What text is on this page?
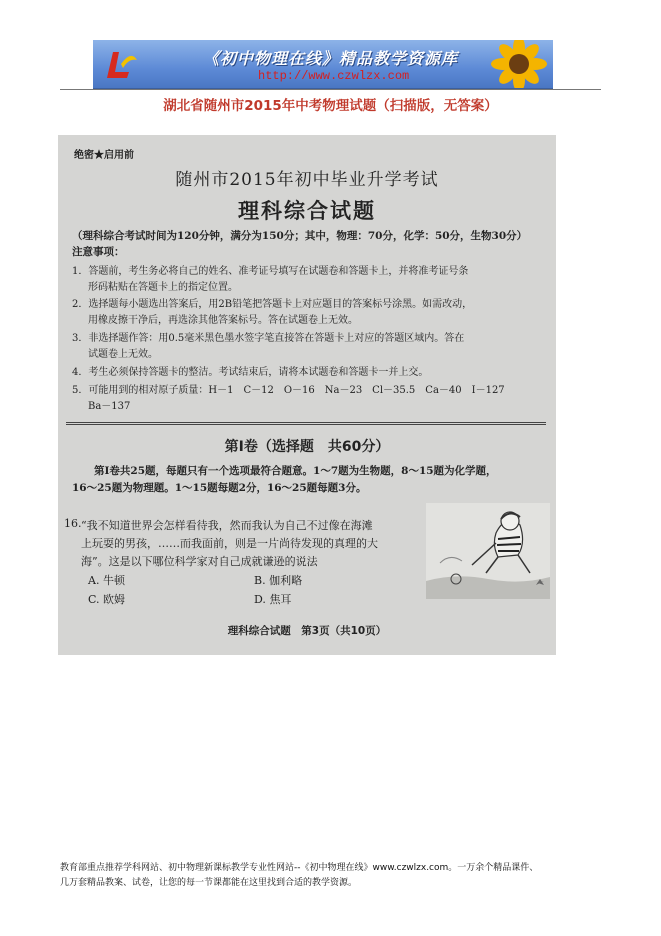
《初中物理在线》精品教学资源库
http://www.czwlzx.com
湖北省随州市2015年中考物理试题（扫描版，无答案）
绝密★启用前
随州市2015年初中毕业升学考试
理科综合试题
（理科综合考试时间为120分钟，满分为150分；其中，物理：70分，化学：50分，生物30分）
注意事项：
1．答题前，考生务必将自己的姓名、准考证号填写在试题卷和答题卡上，并将准考证号条
形码粘贴在答题卡上的指定位置。
2．选择题每小题选出答案后，用2B铅笔把答题卡上对应题目的答案标号涂黑。如需改动，
用橡皮擦干净后，再选涂其他答案标号。答在试题卷上无效。
3．非选择题作答：用0.5毫米黑色墨水签字笔直接答在答题卡上对应的答题区域内。答在
试题卷上无效。
4．考生必须保持答题卡的整洁。考试结束后，请将本试题卷和答题卡一并上交。
5．可能用到的相对原子质量：H－1　C－12　O－16　Na－23　Cl－35.5　Ca－40　I－127
Ba－137
第Ⅰ卷（选择题　共60分）
第Ⅰ卷共25题，每题只有一个选项最符合题意。1～7题为生物题，8～15题为化学题，
16～25题为物理题。1～15题每题2分，16～25题每题3分。
16. “我不知道世界会怎样看待我，然而我认为自己不过像在海滩
上玩耍的男孩，……而我面前，则是一片尚待发现的真理的大
海”。这是以下哪位科学家对自己成就谦逊的说法
A. 牛顿	B. 伽利略
C. 欧姆	D. 焦耳
理科综合试题　第3页（共10页）
教育部重点推荐学科网站、初中物理新课标教学专业性网站--《初中物理在线》www.czwlzx.com。一万余个精品课件、
几万套精品教案、试卷，让您的每一节课都能在这里找到合适的教学资源。
